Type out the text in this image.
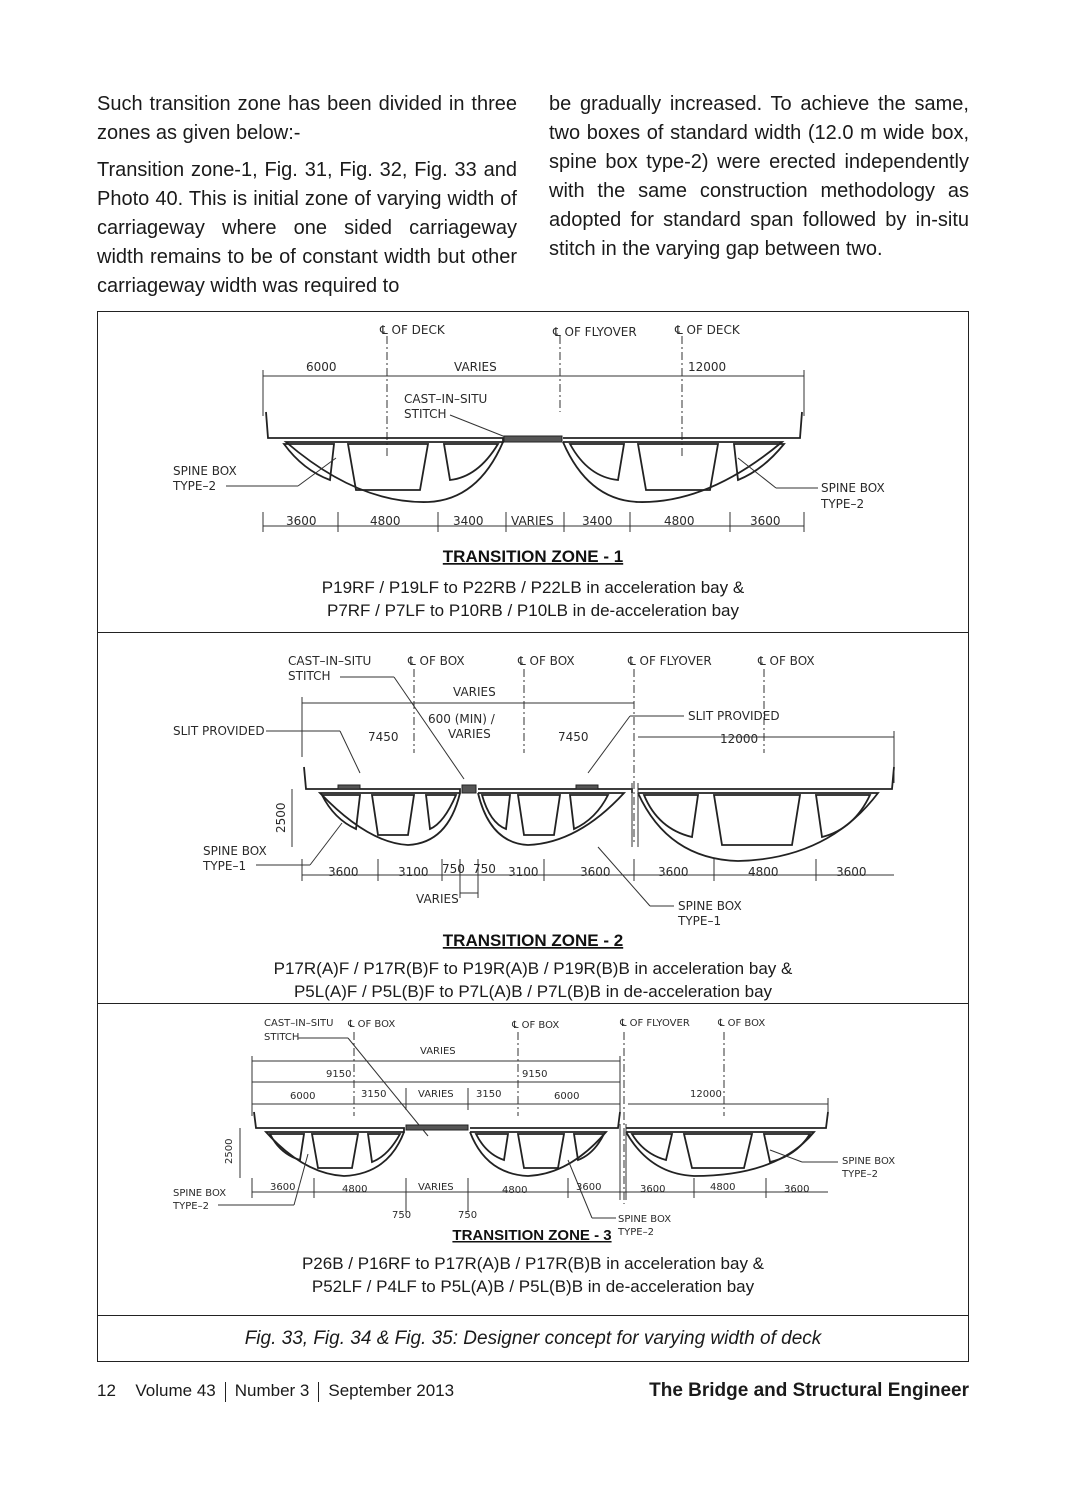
Such transition zone has been divided in three zones as given below:-

Transition zone-1, Fig. 31, Fig. 32, Fig. 33 and Photo 40. This is initial zone of varying width of carriageway where one sided carriageway width remains to be of constant width but other carriageway width was required to

be gradually increased. To achieve the same, two boxes of standard width (12.0 m wide box, spine box type-2) were erected independently with the same construction methodology as adopted for standard span followed by in-situ stitch in the varying gap between two.

℄ OF DECK	℄ OF FLYOVER	℄ OF DECK
6000	VARIES	12000
CAST–IN–SITU
STITCH
SPINE BOX
TYPE–2	SPINE BOX
TYPE–2
3600	4800	3400 VARIES 3400	4800	3600
TRANSITION ZONE - 1
P19RF / P19LF to P22RB / P22LB in acceleration bay &
P7RF / P7LF to P10RB / P10LB in de-acceleration bay
CAST–IN–SITU
STITCH
℄ OF BOX	℄ OF BOX	℄ OF FLYOVER	℄ OF BOX
VARIES
SLIT PROVIDED
SLIT PROVIDED
600 (MIN) /
VARIES
7450	7450	12000
2500
SPINE BOX
TYPE–1	3600	3100 750 750 3100	3600	3600	4800	3600
VARIES	SPINE BOX
TYPE–1
TRANSITION ZONE - 2
P17R(A)F / P17R(B)F to P19R(A)B / P19R(B)B in acceleration bay &
P5L(A)F / P5L(B)F to P7L(A)B / P7L(B)B in de-acceleration bay
CAST–IN–SITU
STITCH
℄ OF BOX	℄ OF BOX	℄ OF FLYOVER	℄ OF BOX
VARIES
9150	9150
6000	3150	VARIES 3150	6000	12000
2500
SPINE BOX
TYPE–2
SPINE BOX
TYPE–2
SPINE BOX
TYPE–2
3600	4800	VARIES	4800	3600	3600	4800	3600
750	750
TRANSITION ZONE - 3
P26B / P16RF to P17R(A)B / P17R(B)B in acceleration bay &
P52LF / P4LF to P5L(A)B / P5L(B)B in de-acceleration bay
Fig. 33, Fig. 34 & Fig. 35: Designer concept for varying width of deck
12 Volume 43 Number 3 September 2013	The Bridge and Structural Engineer
